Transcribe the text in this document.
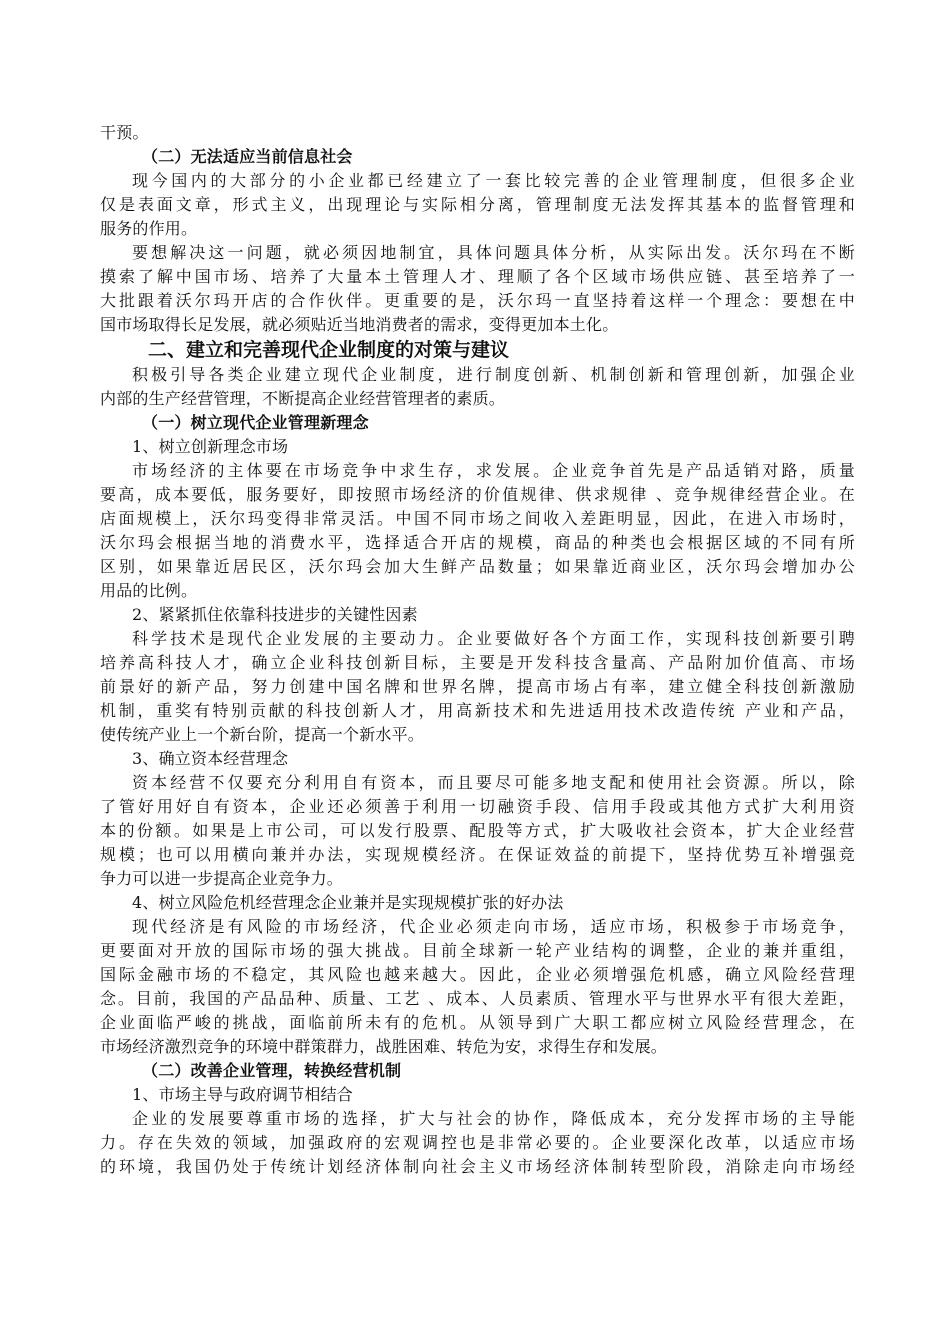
干预。
（二）无法适应当前信息社会
现今国内的大部分的小企业都已经建立了一套比较完善的企业管理制度，但很多企业
仅是表面文章，形式主义，出现理论与实际相分离，管理制度无法发挥其基本的监督管理和
服务的作用。
要想解决这一问题，就必须因地制宜，具体问题具体分析，从实际出发。沃尔玛在不断
摸索了解中国市场、培养了大量本土管理人才、理顺了各个区域市场供应链、甚至培养了一
大批跟着沃尔玛开店的合作伙伴。更重要的是，沃尔玛一直坚持着这样一个理念：要想在中
国市场取得长足发展，就必须贴近当地消费者的需求，变得更加本土化。
二、建立和完善现代企业制度的对策与建议
积极引导各类企业建立现代企业制度，进行制度创新、机制创新和管理创新，加强企业
内部的生产经营管理，不断提高企业经营管理者的素质。
（一）树立现代企业管理新理念
1、树立创新理念市场
市场经济的主体要在市场竞争中求生存，求发展。企业竞争首先是产品适销对路，质量
要高，成本要低，服务要好，即按照市场经济的价值规律、供求规律 、竞争规律经营企业。在
店面规模上，沃尔玛变得非常灵活。中国不同市场之间收入差距明显，因此，在进入市场时，
沃尔玛会根据当地的消费水平，选择适合开店的规模，商品的种类也会根据区域的不同有所
区别，如果靠近居民区，沃尔玛会加大生鲜产品数量；如果靠近商业区，沃尔玛会增加办公
用品的比例。
2、紧紧抓住依靠科技进步的关键性因素
科学技术是现代企业发展的主要动力。企业要做好各个方面工作，实现科技创新要引聘
培养高科技人才，确立企业科技创新目标，主要是开发科技含量高、产品附加价值高、市场
前景好的新产品，努力创建中国名牌和世界名牌，提高市场占有率，建立健全科技创新激励
机制，重奖有特别贡献的科技创新人才，用高新技术和先进适用技术改造传统 产业和产品，
使传统产业上一个新台阶，提高一个新水平。
3、确立资本经营理念
资本经营不仅要充分利用自有资本，而且要尽可能多地支配和使用社会资源。所以，除
了管好用好自有资本，企业还必须善于利用一切融资手段、信用手段或其他方式扩大利用资
本的份额。如果是上市公司，可以发行股票、配股等方式，扩大吸收社会资本，扩大企业经营
规模；也可以用横向兼并办法，实现规模经济。在保证效益的前提下，坚持优势互补增强竞
争力可以进一步提高企业竞争力。
4、树立风险危机经营理念企业兼并是实现规模扩张的好办法
现代经济是有风险的市场经济，代企业必须走向市场，适应市场，积极参于市场竞争，
更要面对开放的国际市场的强大挑战。目前全球新一轮产业结构的调整，企业的兼并重组，
国际金融市场的不稳定，其风险也越来越大。因此，企业必须增强危机感，确立风险经营理
念。目前，我国的产品品种、质量、工艺 、成本、人员素质、管理水平与世界水平有很大差距，
企业面临严峻的挑战，面临前所未有的危机。从领导到广大职工都应树立风险经营理念，在
市场经济激烈竞争的环境中群策群力，战胜困难、转危为安，求得生存和发展。
（二）改善企业管理，转换经营机制
1、市场主导与政府调节相结合
企业的发展要尊重市场的选择，扩大与社会的协作，降低成本，充分发挥市场的主导能
力。存在失效的领域，加强政府的宏观调控也是非常必要的。企业要深化改革，以适应市场
的环境，我国仍处于传统计划经济体制向社会主义市场经济体制转型阶段，消除走向市场经
